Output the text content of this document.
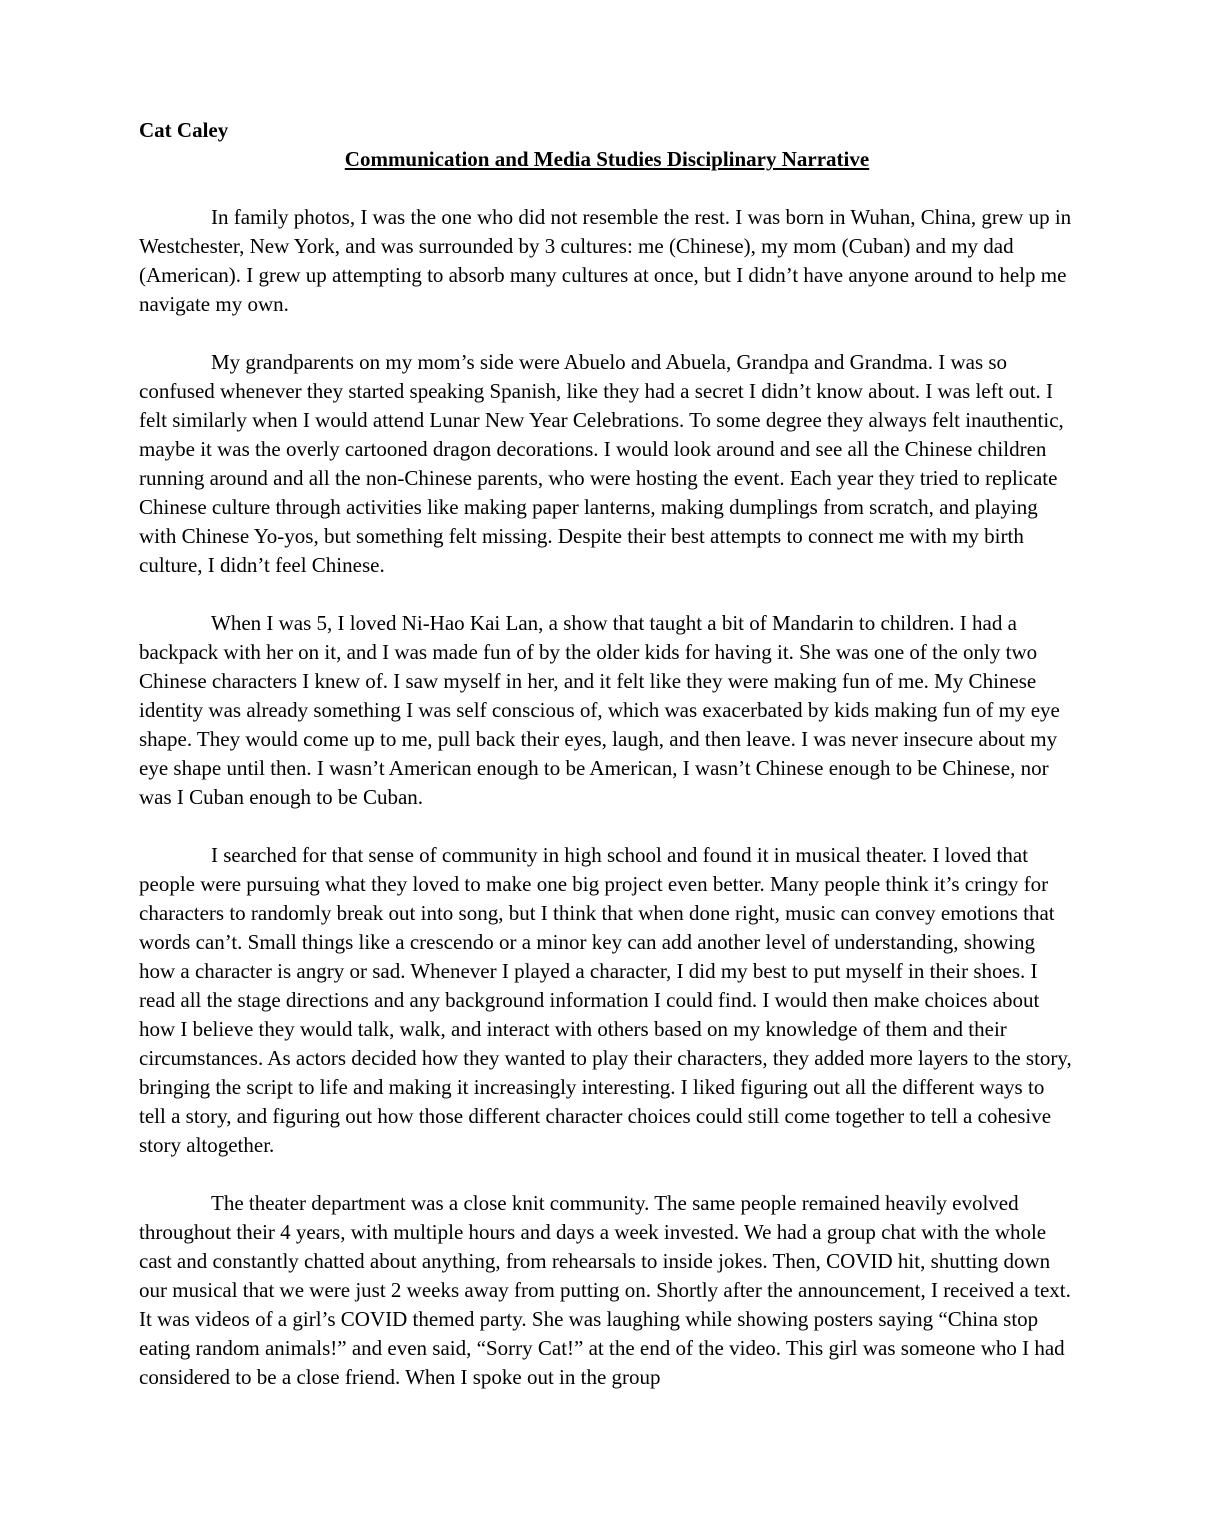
Cat Caley

Communication and Media Studies Disciplinary Narrative

In family photos, I was the one who did not resemble the rest. I was born in Wuhan, China, grew up in Westchester, New York, and was surrounded by 3 cultures: me (Chinese), my mom (Cuban) and my dad (American). I grew up attempting to absorb many cultures at once, but I didn’t have anyone around to help me navigate my own.

My grandparents on my mom’s side were Abuelo and Abuela, Grandpa and Grandma. I was so confused whenever they started speaking Spanish, like they had a secret I didn’t know about. I was left out. I felt similarly when I would attend Lunar New Year Celebrations. To some degree they always felt inauthentic, maybe it was the overly cartooned dragon decorations. I would look around and see all the Chinese children running around and all the non-Chinese parents, who were hosting the event. Each year they tried to replicate Chinese culture through activities like making paper lanterns, making dumplings from scratch, and playing with Chinese Yo-yos, but something felt missing. Despite their best attempts to connect me with my birth culture, I didn’t feel Chinese.

When I was 5, I loved Ni-Hao Kai Lan, a show that taught a bit of Mandarin to children. I had a backpack with her on it, and I was made fun of by the older kids for having it. She was one of the only two Chinese characters I knew of. I saw myself in her, and it felt like they were making fun of me. My Chinese identity was already something I was self conscious of, which was exacerbated by kids making fun of my eye shape. They would come up to me, pull back their eyes, laugh, and then leave. I was never insecure about my eye shape until then. I wasn’t American enough to be American, I wasn’t Chinese enough to be Chinese, nor was I Cuban enough to be Cuban.

I searched for that sense of community in high school and found it in musical theater. I loved that people were pursuing what they loved to make one big project even better. Many people think it’s cringy for characters to randomly break out into song, but I think that when done right, music can convey emotions that words can’t. Small things like a crescendo or a minor key can add another level of understanding, showing how a character is angry or sad. Whenever I played a character, I did my best to put myself in their shoes. I read all the stage directions and any background information I could find. I would then make choices about how I believe they would talk, walk, and interact with others based on my knowledge of them and their circumstances. As actors decided how they wanted to play their characters, they added more layers to the story, bringing the script to life and making it increasingly interesting. I liked figuring out all the different ways to tell a story, and figuring out how those different character choices could still come together to tell a cohesive story altogether.

The theater department was a close knit community. The same people remained heavily evolved throughout their 4 years, with multiple hours and days a week invested. We had a group chat with the whole cast and constantly chatted about anything, from rehearsals to inside jokes. Then, COVID hit, shutting down our musical that we were just 2 weeks away from putting on. Shortly after the announcement, I received a text. It was videos of a girl’s COVID themed party. She was laughing while showing posters saying “China stop eating random animals!” and even said, “Sorry Cat!” at the end of the video. This girl was someone who I had considered to be a close friend. When I spoke out in the group
